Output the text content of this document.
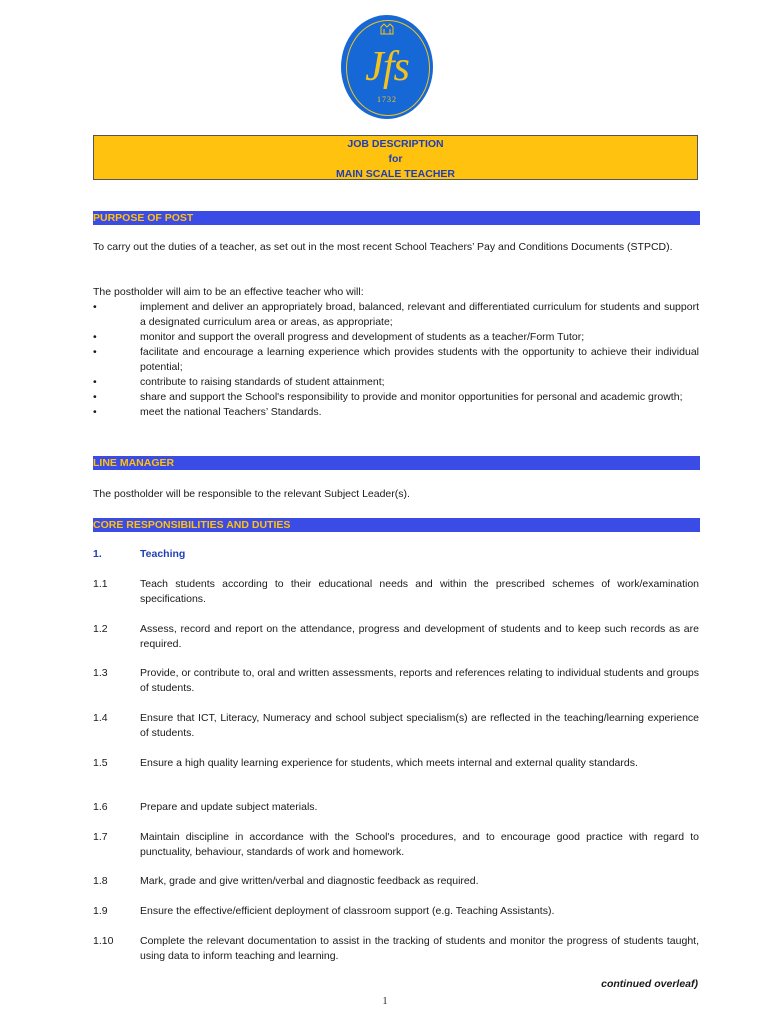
Jfs
1732
JOB DESCRIPTION
for
MAIN SCALE TEACHER
PURPOSE OF POST

To carry out the duties of a teacher, as set out in the most recent School Teachers’ Pay and Conditions Documents (STPCD).

The postholder will aim to be an effective teacher who will:

•	implement and deliver an appropriately broad, balanced, relevant and differentiated curriculum for students and support a designated curriculum area or areas, as appropriate;
•	monitor and support the overall progress and development of students as a teacher/Form Tutor;
•	facilitate and encourage a learning experience which provides students with the opportunity to achieve their individual potential;
•	contribute to raising standards of student attainment;
•	share and support the School's responsibility to provide and monitor opportunities for personal and academic growth;
•	meet the national Teachers’ Standards.
LINE MANAGER

The postholder will be responsible to the relevant Subject Leader(s).

CORE RESPONSIBILITIES AND DUTIES
1.	Teaching
1.1	Teach students according to their educational needs and within the prescribed schemes of work/examination specifications.
1.2	Assess, record and report on the attendance, progress and development of students and to keep such records as are required.
1.3	Provide, or contribute to, oral and written assessments, reports and references relating to individual students and groups of students.
1.4	Ensure that ICT, Literacy, Numeracy and school subject specialism(s) are reflected in the teaching/learning experience of students.
1.5	Ensure a high quality learning experience for students, which meets internal and external quality standards.
1.6	Prepare and update subject materials.
1.7	Maintain discipline in accordance with the School's procedures, and to encourage good practice with regard to punctuality, behaviour, standards of work and homework.
1.8	Mark, grade and give written/verbal and diagnostic feedback as required.
1.9	Ensure the effective/efficient deployment of classroom support (e.g. Teaching Assistants).
1.10	Complete the relevant documentation to assist in the tracking of students and monitor the progress of students taught, using data to inform teaching and learning.
continued overleaf)
1
